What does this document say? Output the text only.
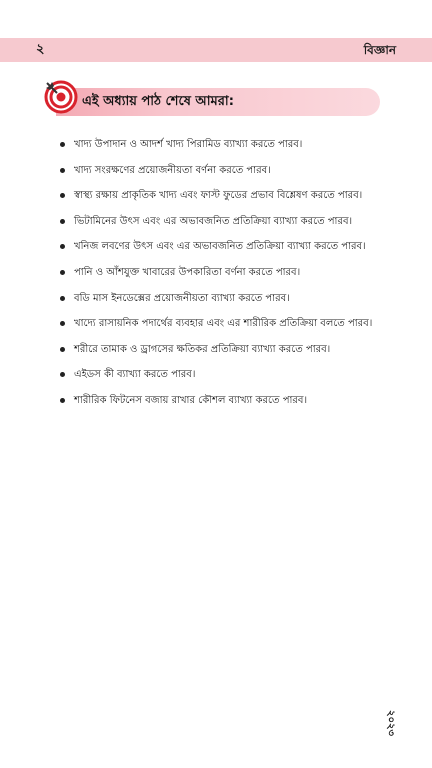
২	বিজ্ঞান
এই অধ্যায় পাঠ শেষে আমরা:
খাদ্য উপাদান ও আদর্শ খাদ্য পিরামিড ব্যাখ্যা করতে পারব।
খাদ্য সংরক্ষণের প্রয়োজনীয়তা বর্ণনা করতে পারব।
স্বাস্থ্য রক্ষায় প্রাকৃতিক খাদ্য এবং ফাস্ট ফুডের প্রভাব বিশ্লেষণ করতে পারব।
ভিটামিনের উৎস এবং এর অভাবজনিত প্রতিক্রিয়া ব্যাখ্যা করতে পারব।
খনিজ লবণের উৎস এবং এর অভাবজনিত প্রতিক্রিয়া ব্যাখ্যা করতে পারব।
পানি ও আঁশযুক্ত খাবারের উপকারিতা বর্ণনা করতে পারব।
বডি মাস ইনডেক্সের প্রয়োজনীয়তা ব্যাখ্যা করতে পারব।
খাদ্যে রাসায়নিক পদার্থের ব্যবহার এবং এর শারীরিক প্রতিক্রিয়া বলতে পারব।
শরীরে তামাক ও ড্রাগসের ক্ষতিকর প্রতিক্রিয়া ব্যাখ্যা করতে পারব।
এইডস কী ব্যাখ্যা করতে পারব।
শারীরিক ফিটনেস বজায় রাখার কৌশল ব্যাখ্যা করতে পারব।
২০২৩
